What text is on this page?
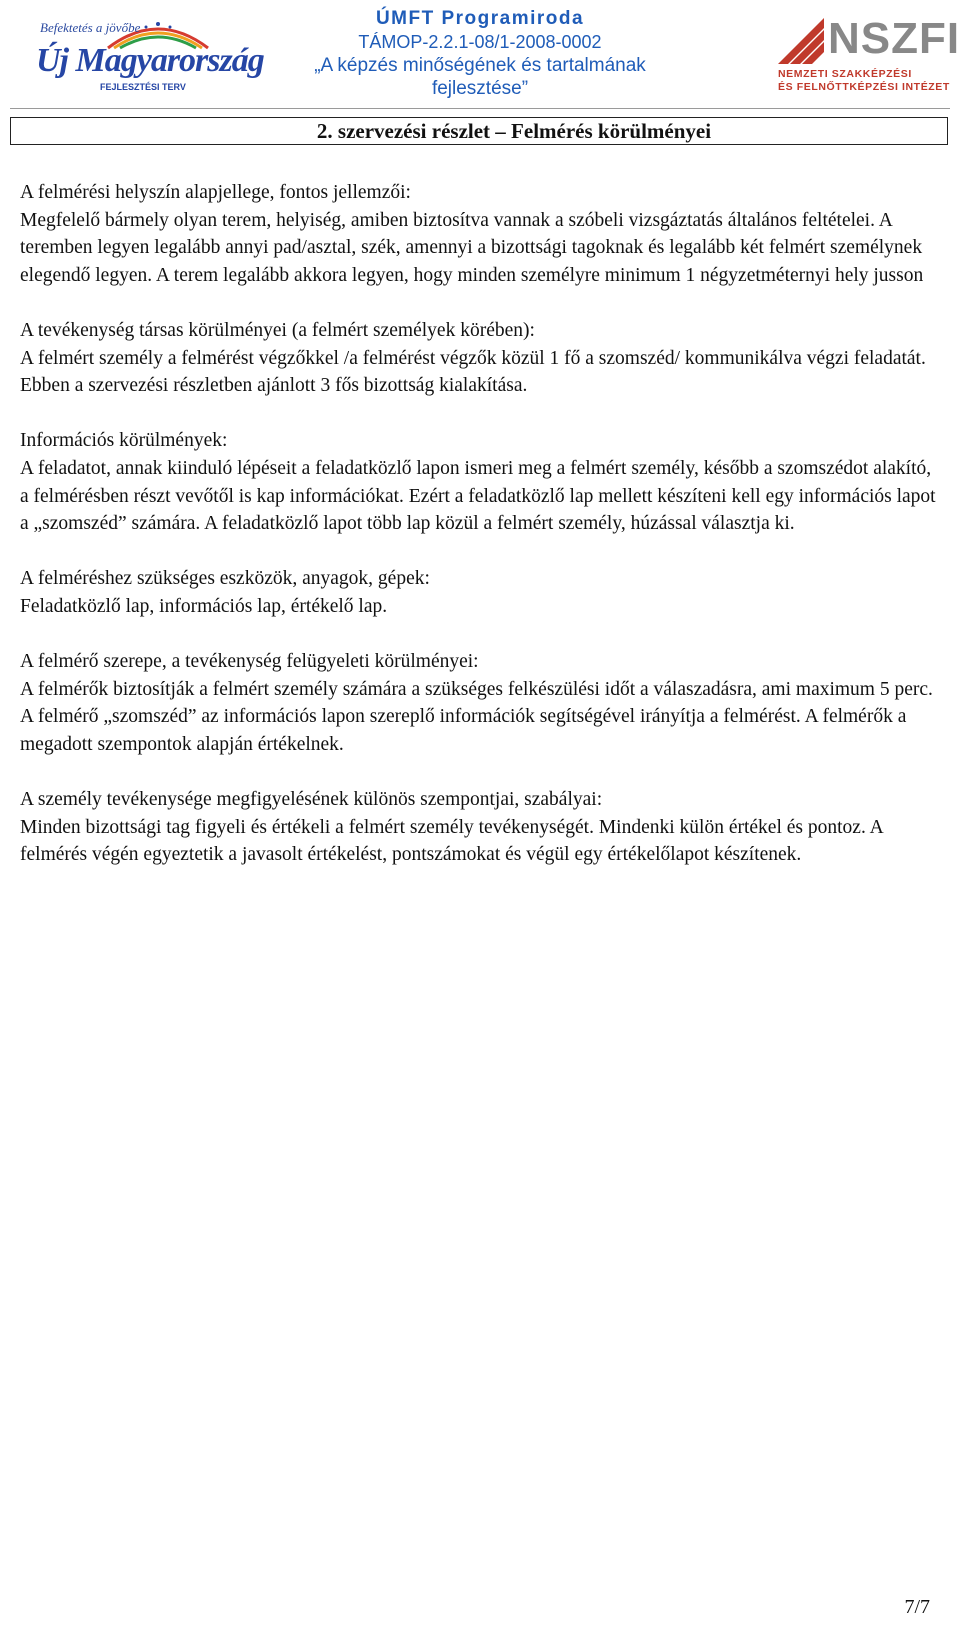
Befektetés a jövőbe
Új Magyarország
FEJLESZTÉSI TERV
ÚMFT Programiroda
TÁMOP-2.2.1-08/1-2008-0002
„A képzés minőségének és tartalmának
fejlesztése”
NSZFI
NEMZETI SZAKKÉPZÉSI
ÉS FELNŐTTKÉPZÉSI INTÉZET
2. szervezési részlet – Felmérés körülményei
A felmérési helyszín alapjellege, fontos jellemzői:
Megfelelő bármely olyan terem, helyiség, amiben biztosítva vannak a szóbeli vizsgáztatás általános feltételei. A teremben legyen legalább annyi pad/asztal, szék, amennyi a bizottsági tagoknak és legalább két felmért személynek elegendő legyen. A terem legalább akkora legyen, hogy minden személyre minimum 1 négyzetméternyi hely jusson
A tevékenység társas körülményei (a felmért személyek körében):
A felmért személy a felmérést végzőkkel /a felmérést végzők közül 1 fő a szomszéd/ kommunikálva végzi feladatát. Ebben a szervezési részletben ajánlott 3 fős bizottság kialakítása.
Információs körülmények:
A feladatot, annak kiinduló lépéseit a feladatközlő lapon ismeri meg a felmért személy, később a szomszédot alakító, a felmérésben részt vevőtől is kap információkat. Ezért a feladatközlő lap mellett készíteni kell egy információs lapot a „szomszéd” számára. A feladatközlő lapot több lap közül a felmért személy, húzással választja ki.
A felméréshez szükséges eszközök, anyagok, gépek:
Feladatközlő lap, információs lap, értékelő lap.
A felmérő szerepe, a tevékenység felügyeleti körülményei:
A felmérők biztosítják a felmért személy számára a szükséges felkészülési időt a válaszadásra, ami maximum 5 perc. A felmérő „szomszéd” az információs lapon szereplő információk segítségével irányítja a felmérést. A felmérők a megadott szempontok alapján értékelnek.
A személy tevékenysége megfigyelésének különös szempontjai, szabályai:
Minden bizottsági tag figyeli és értékeli a felmért személy tevékenységét. Mindenki külön értékel és pontoz. A felmérés végén egyeztetik a javasolt értékelést, pontszámokat és végül egy értékelőlapot készítenek.
7/7
